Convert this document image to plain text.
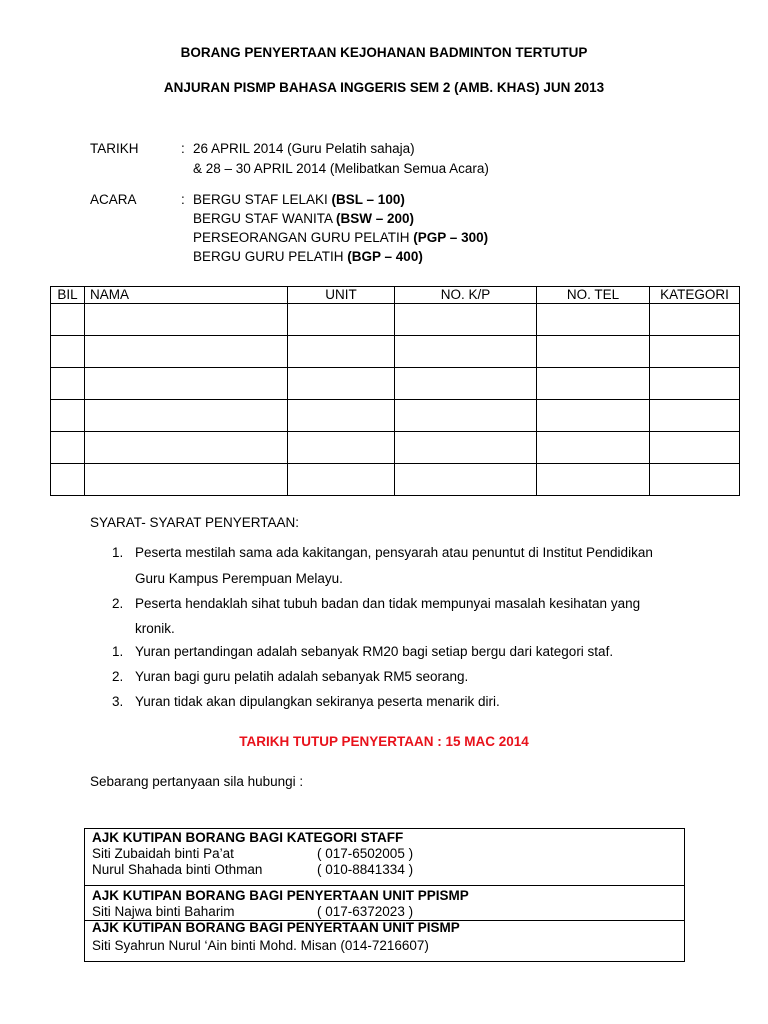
BORANG PENYERTAAN KEJOHANAN BADMINTON TERTUTUP
ANJURAN PISMP BAHASA INGGERIS SEM 2 (AMB. KHAS) JUN 2013
TARIKH	: 26 APRIL 2014 (Guru Pelatih sahaja)
& 28 – 30 APRIL 2014 (Melibatkan Semua Acara)
ACARA	: BERGU STAF LELAKI (BSL – 100)
BERGU STAF WANITA (BSW – 200)
PERSEORANGAN GURU PELATIH (PGP – 300)
BERGU GURU PELATIH (BGP – 400)
BIL	NAMA	UNIT	NO. K/P	NO. TEL	KATEGORI

SYARAT- SYARAT PENYERTAAN:
1. Peserta mestilah sama ada kakitangan, pensyarah atau penuntut di Institut Pendidikan
Guru Kampus Perempuan Melayu.
2. Peserta hendaklah sihat tubuh badan dan tidak mempunyai masalah kesihatan yang
kronik.
1. Yuran pertandingan adalah sebanyak RM20 bagi setiap bergu dari kategori staf.
2. Yuran bagi guru pelatih adalah sebanyak RM5 seorang.
3. Yuran tidak akan dipulangkan sekiranya peserta menarik diri.
TARIKH TUTUP PENYERTAAN : 15 MAC 2014
Sebarang pertanyaan sila hubungi :
AJK KUTIPAN BORANG BAGI KATEGORI STAFF
Siti Zubaidah binti Pa’at	( 017-6502005 )
Nurul Shahada binti Othman	( 010-8841334 )
AJK KUTIPAN BORANG BAGI PENYERTAAN UNIT PPISMP
Siti Najwa binti Baharim	( 017-6372023 )
AJK KUTIPAN BORANG BAGI PENYERTAAN UNIT PISMP
Siti Syahrun Nurul ‘Ain binti Mohd. Misan (014-7216607)
